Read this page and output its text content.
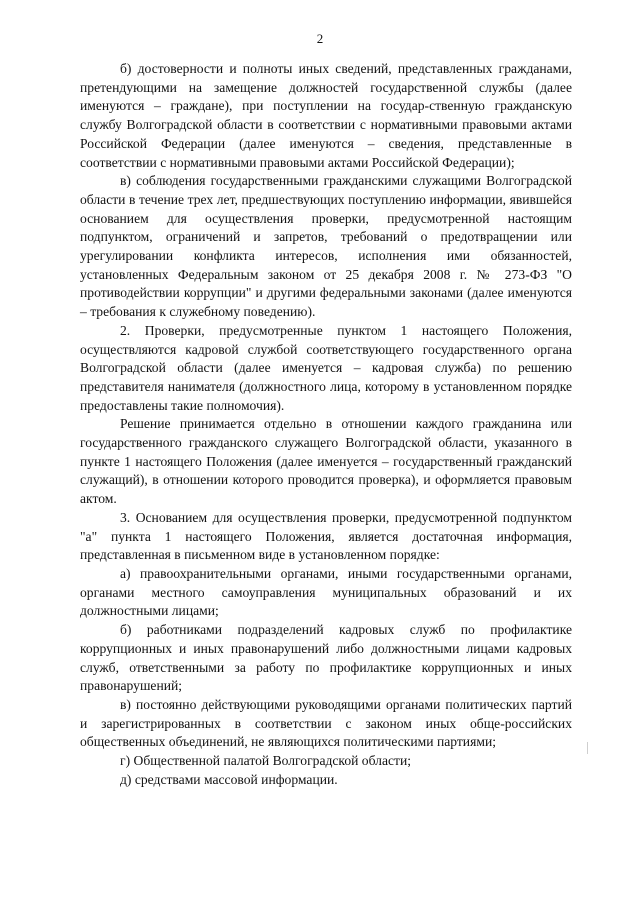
2

б) достоверности и полноты иных сведений, представленных гражданами, претендующими на замещение должностей государственной службы (далее именуются – граждане), при поступлении на государ-ственную гражданскую службу Волгоградской области в соответствии с нормативными правовыми актами Российской Федерации (далее именуются – сведения, представленные в соответствии с нормативными правовыми актами Российской Федерации);

в) соблюдения государственными гражданскими служащими Волгоградской области в течение трех лет, предшествующих поступлению информации, явившейся основанием для осуществления проверки, предусмотренной настоящим подпунктом, ограничений и запретов, требований о предотвращении или урегулировании конфликта интересов, исполнения ими обязанностей, установленных Федеральным законом от 25 декабря 2008 г. № 273-ФЗ "О противодействии коррупции" и другими федеральными законами (далее именуются – требования к служебному поведению).

2. Проверки, предусмотренные пунктом 1 настоящего Положения, осуществляются кадровой службой соответствующего государственного органа Волгоградской области (далее именуется – кадровая служба) по решению представителя нанимателя (должностного лица, которому в установленном порядке предоставлены такие полномочия).

Решение принимается отдельно в отношении каждого гражданина или государственного гражданского служащего Волгоградской области, указанного в пункте 1 настоящего Положения (далее именуется – государственный гражданский служащий), в отношении которого проводится проверка), и оформляется правовым актом.

3. Основанием для осуществления проверки, предусмотренной подпунктом "а" пункта 1 настоящего Положения, является достаточная информация, представленная в письменном виде в установленном порядке:

а) правоохранительными органами, иными государственными органами, органами местного самоуправления муниципальных образований и их должностными лицами;

б) работниками подразделений кадровых служб по профилактике коррупционных и иных правонарушений либо должностными лицами кадровых служб, ответственными за работу по профилактике коррупционных и иных правонарушений;

в) постоянно действующими руководящими органами политических партий и зарегистрированных в соответствии с законом иных обще-российских общественных объединений, не являющихся политическими партиями;

г) Общественной палатой Волгоградской области;

д) средствами массовой информации.
